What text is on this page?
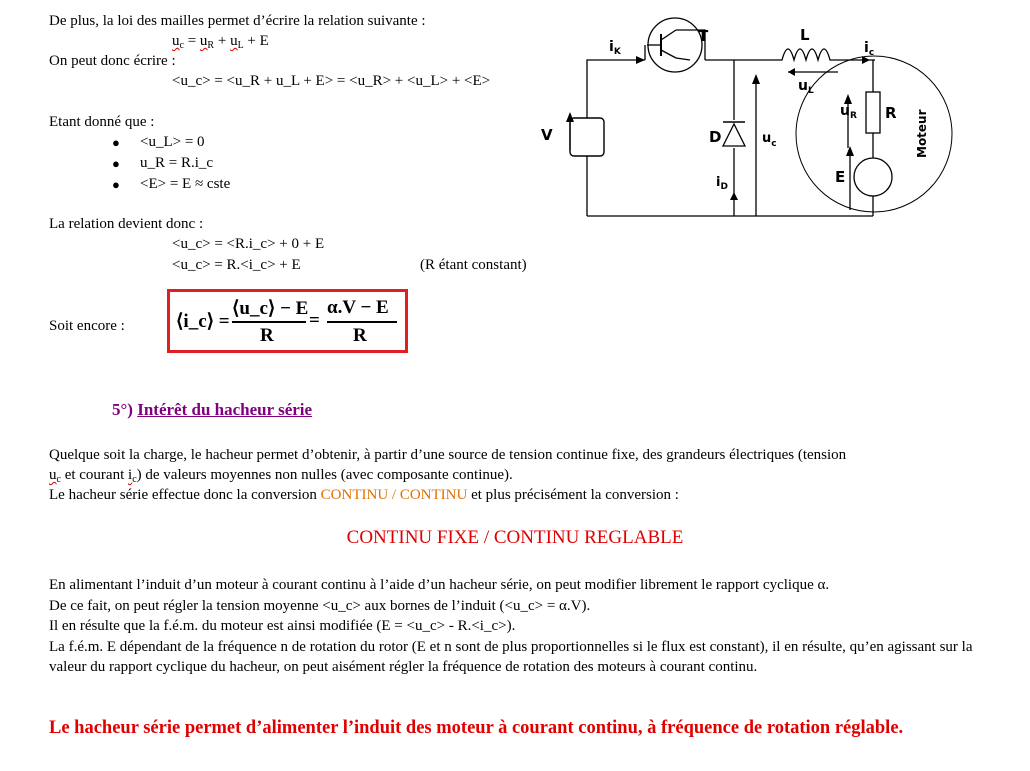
De plus, la loi des mailles permet d’écrire la relation suivante :
$u_c = u_R + u_L + E$
On peut donc écrire :
<u_c> = <u_R + u_L + E> = <u_R> + <u_L> + <E>
Etant donné que :
● <u_L> = 0
● u_R = R.i_c
● <E> = E ≈ cste
La relation devient donc :
<u_c> = <R.i_c> + 0 + E
<u_c> = R.<i_c> + E	(R étant constant)
Soit encore :	⟨i_c⟩ =
⟨u_c⟩ − E
R
=
α.V − E
R
5°) Intérêt du hacheur série
Quelque soit la charge, le hacheur permet d’obtenir, à partir d’une source de tension continue fixe, des grandeurs électriques (tension
$u_c$ et courant $i_c$) de valeurs moyennes non nulles (avec composante continue).
Le hacheur série effectue donc la conversion CONTINU / CONTINU et plus précisément la conversion :
CONTINU FIXE / CONTINU REGLABLE
En alimentant l’induit d’un moteur à courant continu à l’aide d’un hacheur série, on peut modifier librement le rapport cyclique α.
De ce fait, on peut régler la tension moyenne <u_c> aux bornes de l’induit (<u_c> = α.V).
Il en résulte que la f.é.m. du moteur est ainsi modifiée (E = <u_c> - R.<i_c>).
La f.é.m. E dépendant de la fréquence n de rotation du rotor (E et n sont de plus proportionnelles si le flux est constant), il en résulte, qu’en agissant sur la valeur du rapport cyclique du hacheur, on peut aisément régler la fréquence de rotation des moteurs à courant continu.
Le hacheur série permet d’alimenter l’induit des moteur à courant continu, à fréquence de rotation réglable.
$i_K$
T	L
$i_c$
$u_L$
$u_R$ R
V	D	$u_c$
$i_D$
E
Moteur
